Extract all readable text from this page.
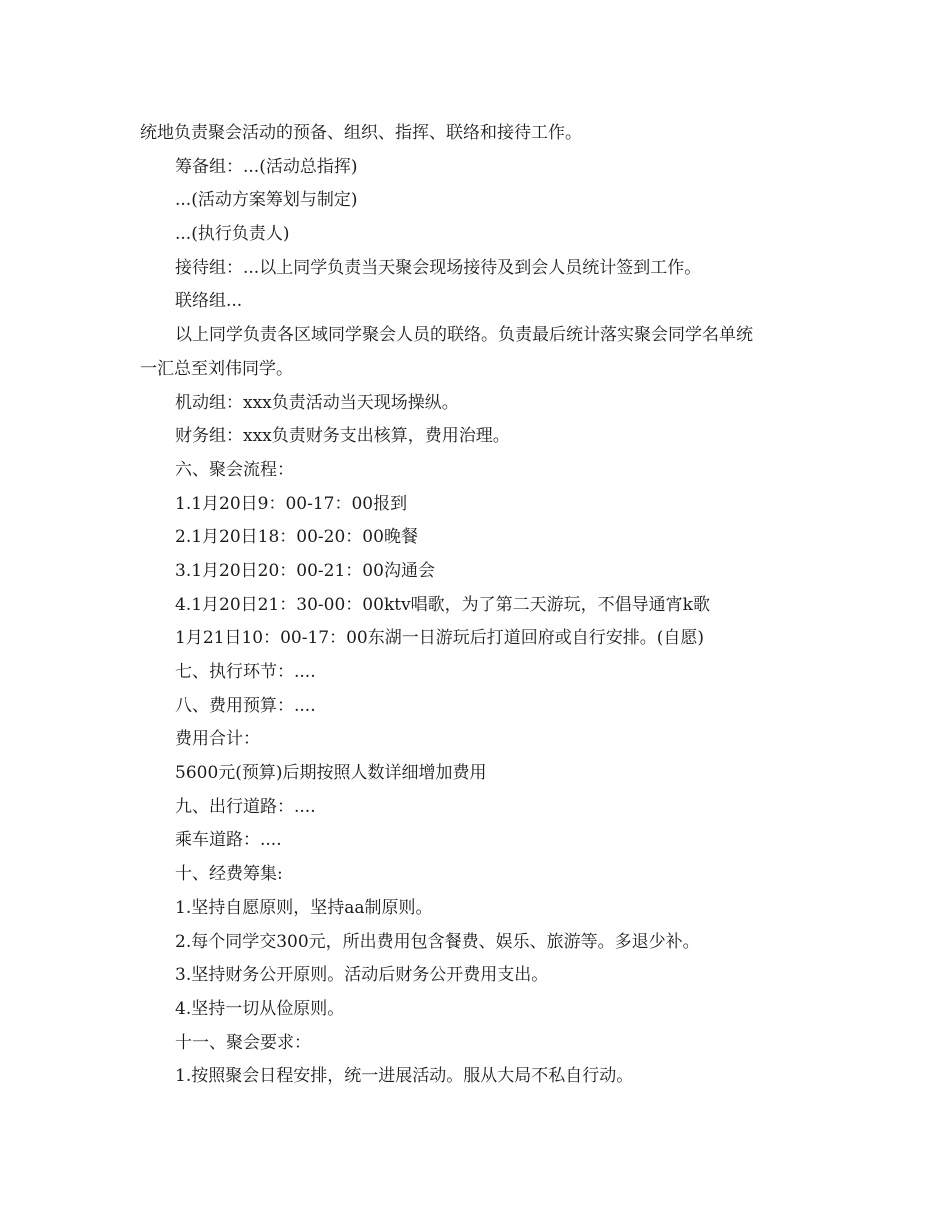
统地负责聚会活动的预备、组织、指挥、联络和接待工作。
筹备组：...(活动总指挥)
...(活动方案筹划与制定)
...(执行负责人)
接待组：...以上同学负责当天聚会现场接待及到会人员统计签到工作。
联络组...
以上同学负责各区域同学聚会人员的联络。负责最后统计落实聚会同学名单统
一汇总至刘伟同学。
机动组：xxx负责活动当天现场操纵。
财务组：xxx负责财务支出核算，费用治理。
六、聚会流程：
1.1月20日9：00-17：00报到
2.1月20日18：00-20：00晚餐
3.1月20日20：00-21：00沟通会
4.1月20日21：30-00：00ktv唱歌，为了第二天游玩，不倡导通宵k歌
1月21日10：00-17：00东湖一日游玩后打道回府或自行安排。(自愿)
七、执行环节：....
八、费用预算：....
费用合计：
5600元(预算)后期按照人数详细增加费用
九、出行道路：....
乘车道路：....
十、经费筹集:
1.坚持自愿原则，坚持aa制原则。
2.每个同学交300元，所出费用包含餐费、娱乐、旅游等。多退少补。
3.坚持财务公开原则。活动后财务公开费用支出。
4.坚持一切从俭原则。
十一、聚会要求：
1.按照聚会日程安排，统一进展活动。服从大局不私自行动。
